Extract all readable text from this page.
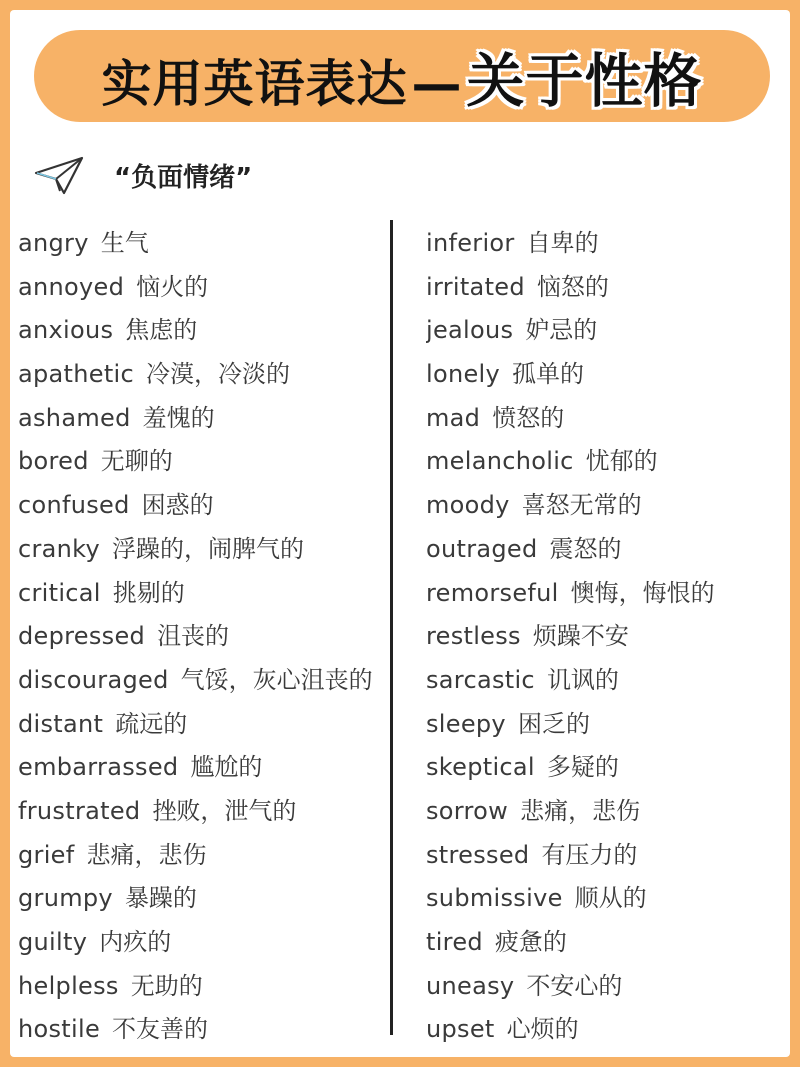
实用英语表达—关于性格
“负面情绪”
angry 生气
annoyed 恼火的
anxious 焦虑的
apathetic 冷漠，冷淡的
ashamed 羞愧的
bored 无聊的
confused 困惑的
cranky 浮躁的，闹脾气的
critical 挑剔的
depressed 沮丧的
discouraged 气馁，灰心沮丧的
distant 疏远的
embarrassed 尴尬的
frustrated 挫败，泄气的
grief 悲痛，悲伤
grumpy 暴躁的
guilty 内疚的
helpless 无助的
hostile 不友善的
inferior 自卑的
irritated 恼怒的
jealous 妒忌的
lonely 孤单的
mad 愤怒的
melancholic 忧郁的
moody 喜怒无常的
outraged 震怒的
remorseful 懊悔，悔恨的
restless 烦躁不安
sarcastic 讥讽的
sleepy 困乏的
skeptical 多疑的
sorrow 悲痛，悲伤
stressed 有压力的
submissive 顺从的
tired 疲惫的
uneasy 不安心的
upset 心烦的
